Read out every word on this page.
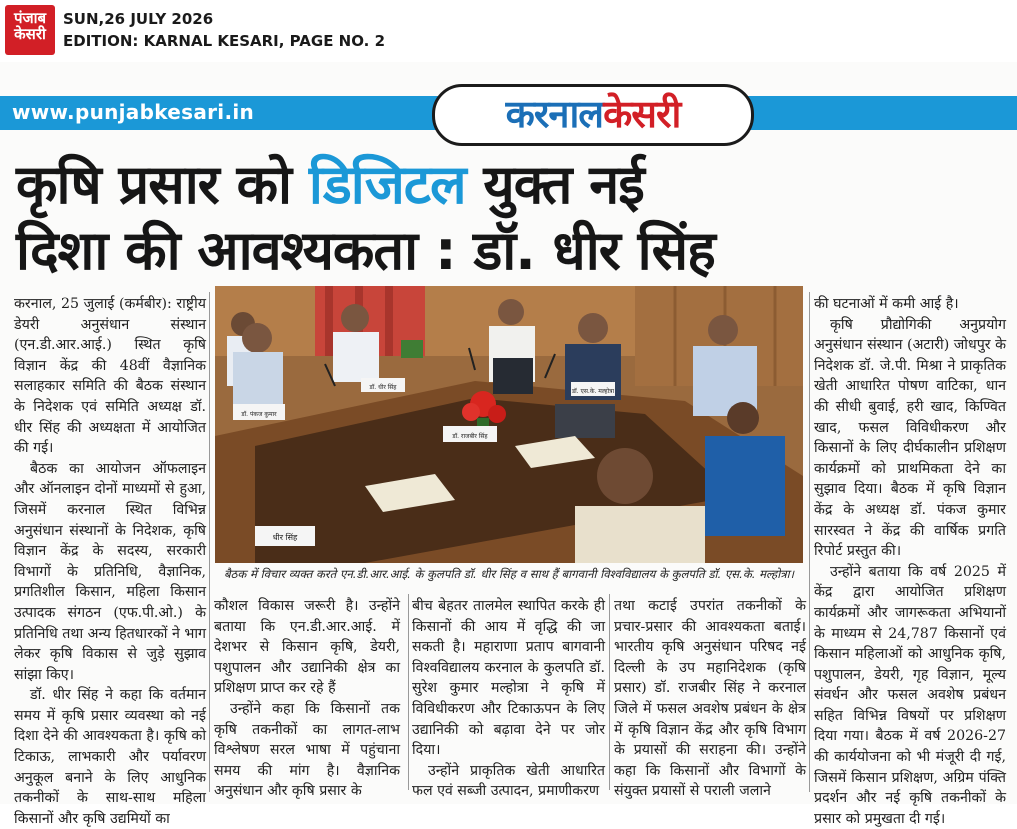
पंजाब
केसरी
SUN,26 JULY 2026
EDITION: KARNAL KESARI, PAGE NO. 2
www.punjabkesari.in	करनालकेसरी
कृषि प्रसार को डिजिटल युक्त नई
दिशा की आवश्यकता : डॉ. धीर सिंह

करनाल, 25 जुलाई (कर्मबीर): राष्ट्रीय डेयरी अनुसंधान संस्थान (एन.डी.आर.आई.) स्थित कृषि विज्ञान केंद्र की 48वीं वैज्ञानिक सलाहकार समिति की बैठक संस्थान के निदेशक एवं समिति अध्यक्ष डॉ. धीर सिंह की अध्यक्षता में आयोजित की गई।

बैठक का आयोजन ऑफलाइन और ऑनलाइन दोनों माध्यमों से हुआ, जिसमें करनाल स्थित विभिन्न अनुसंधान संस्थानों के निदेशक, कृषि विज्ञान केंद्र के सदस्य, सरकारी विभागों के प्रतिनिधि, वैज्ञानिक, प्रगतिशील किसान, महिला किसान उत्पादक संगठन (एफ.पी.ओ.) के प्रतिनिधि तथा अन्य हितधारकों ने भाग लेकर कृषि विकास से जुड़े सुझाव सांझा किए।

डॉ. धीर सिंह ने कहा कि वर्तमान समय में कृषि प्रसार व्यवस्था को नई दिशा देने की आवश्यकता है। कृषि को टिकाऊ, लाभकारी और पर्यावरण अनुकूल बनाने के लिए आधुनिक तकनीकों के साथ-साथ महिला किसानों और कृषि उद्यमियों का

डॉ. पंकज कुमार
डॉ. धीर सिंह
डॉ. एस.के. मल्होत्रा
धीर सिंह
डॉ. राजबीर सिंह
बैठक में विचार व्यक्त करते एन.डी.आर.आई. के कुलपति डॉ. धीर सिंह व साथ हैं बागवानी विश्वविद्यालय के कुलपति डॉ. एस.के. मल्होत्रा।

कौशल विकास जरूरी है। उन्होंने बताया कि एन.डी.आर.आई. में देशभर से किसान कृषि, डेयरी, पशुपालन और उद्यानिकी क्षेत्र का प्रशिक्षण प्राप्त कर रहे हैं

उन्होंने कहा कि किसानों तक कृषि तकनीकों का लागत-लाभ विश्लेषण सरल भाषा में पहुंचाना समय की मांग है। वैज्ञानिक अनुसंधान और कृषि प्रसार के

बीच बेहतर तालमेल स्थापित करके ही किसानों की आय में वृद्धि की जा सकती है। महाराणा प्रताप बागवानी विश्वविद्यालय करनाल के कुलपति डॉ. सुरेश कुमार मल्होत्रा ने कृषि में विविधीकरण और टिकाऊपन के लिए उद्यानिकी को बढ़ावा देने पर जोर दिया।

उन्होंने प्राकृतिक खेती आधारित फल एवं सब्जी उत्पादन, प्रमाणीकरण

तथा कटाई उपरांत तकनीकों के प्रचार-प्रसार की आवश्यकता बताई। भारतीय कृषि अनुसंधान परिषद नई दिल्ली के उप महानिदेशक (कृषि प्रसार) डॉ. राजबीर सिंह ने करनाल जिले में फसल अवशेष प्रबंधन के क्षेत्र में कृषि विज्ञान केंद्र और कृषि विभाग के प्रयासों की सराहना की। उन्होंने कहा कि किसानों और विभागों के संयुक्त प्रयासों से पराली जलाने

की घटनाओं में कमी आई है।

कृषि प्रौद्योगिकी अनुप्रयोग अनुसंधान संस्थान (अटारी) जोधपुर के निदेशक डॉ. जे.पी. मिश्रा ने प्राकृतिक खेती आधारित पोषण वाटिका, धान की सीधी बुवाई, हरी खाद, किण्वित खाद, फसल विविधीकरण और किसानों के लिए दीर्घकालीन प्रशिक्षण कार्यक्रमों को प्राथमिकता देने का सुझाव दिया। बैठक में कृषि विज्ञान केंद्र के अध्यक्ष डॉ. पंकज कुमार सारस्वत ने केंद्र की वार्षिक प्रगति रिपोर्ट प्रस्तुत की।

उन्होंने बताया कि वर्ष 2025 में केंद्र द्वारा आयोजित प्रशिक्षण कार्यक्रमों और जागरूकता अभियानों के माध्यम से 24,787 किसानों एवं किसान महिलाओं को आधुनिक कृषि, पशुपालन, डेयरी, गृह विज्ञान, मूल्य संवर्धन और फसल अवशेष प्रबंधन सहित विभिन्न विषयों पर प्रशिक्षण दिया गया। बैठक में वर्ष 2026-27 की कार्ययोजना को भी मंजूरी दी गई, जिसमें किसान प्रशिक्षण, अग्रिम पंक्ति प्रदर्शन और नई कृषि तकनीकों के प्रसार को प्रमुखता दी गई।
